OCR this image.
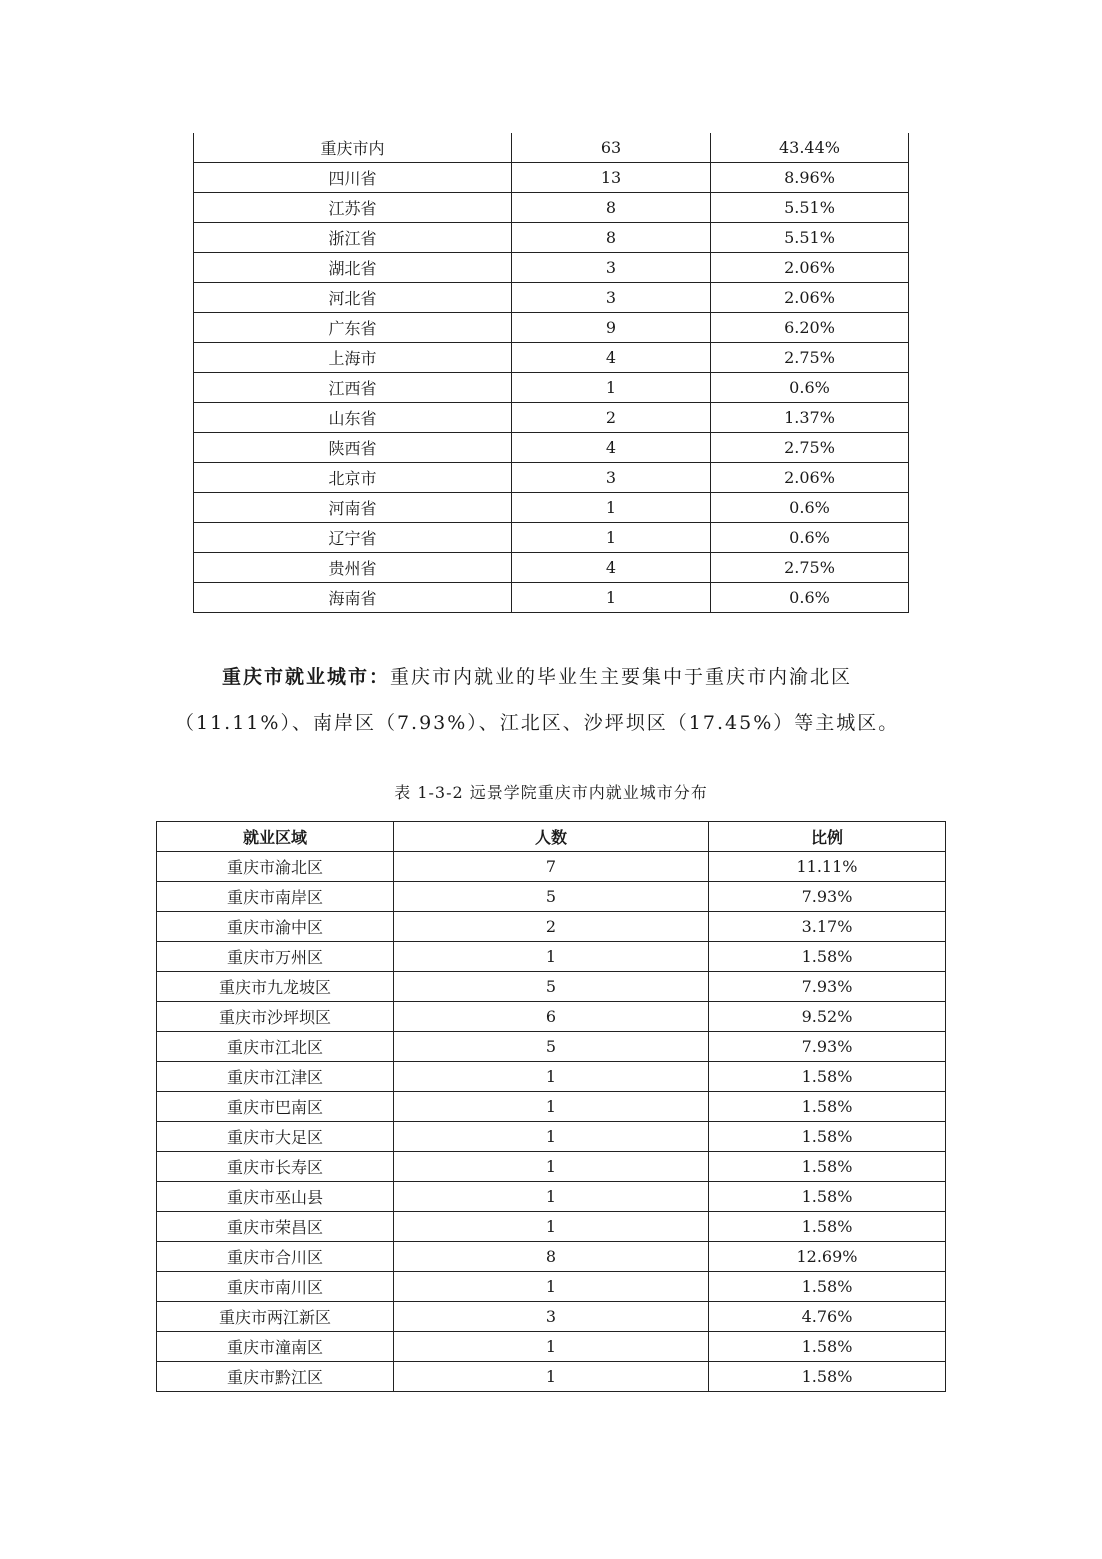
重庆市内	63	43.44%
四川省	13	8.96%
江苏省	8	5.51%
浙江省	8	5.51%
湖北省	3	2.06%
河北省	3	2.06%
广东省	9	6.20%
上海市	4	2.75%
江西省	1	0.6%
山东省	2	1.37%
陕西省	4	2.75%
北京市	3	2.06%
河南省	1	0.6%
辽宁省	1	0.6%
贵州省	4	2.75%
海南省	1	0.6%
重庆市就业城市：重庆市内就业的毕业生主要集中于重庆市内渝北区
（11.11%）、南岸区（7.93%）、江北区、沙坪坝区（17.45%）等主城区。
表 1-3-2 远景学院重庆市内就业城市分布
就业区域	人数	比例
重庆市渝北区	7	11.11%
重庆市南岸区	5	7.93%
重庆市渝中区	2	3.17%
重庆市万州区	1	1.58%
重庆市九龙坡区	5	7.93%
重庆市沙坪坝区	6	9.52%
重庆市江北区	5	7.93%
重庆市江津区	1	1.58%
重庆市巴南区	1	1.58%
重庆市大足区	1	1.58%
重庆市长寿区	1	1.58%
重庆市巫山县	1	1.58%
重庆市荣昌区	1	1.58%
重庆市合川区	8	12.69%
重庆市南川区	1	1.58%
重庆市两江新区	3	4.76%
重庆市潼南区	1	1.58%
重庆市黔江区	1	1.58%
